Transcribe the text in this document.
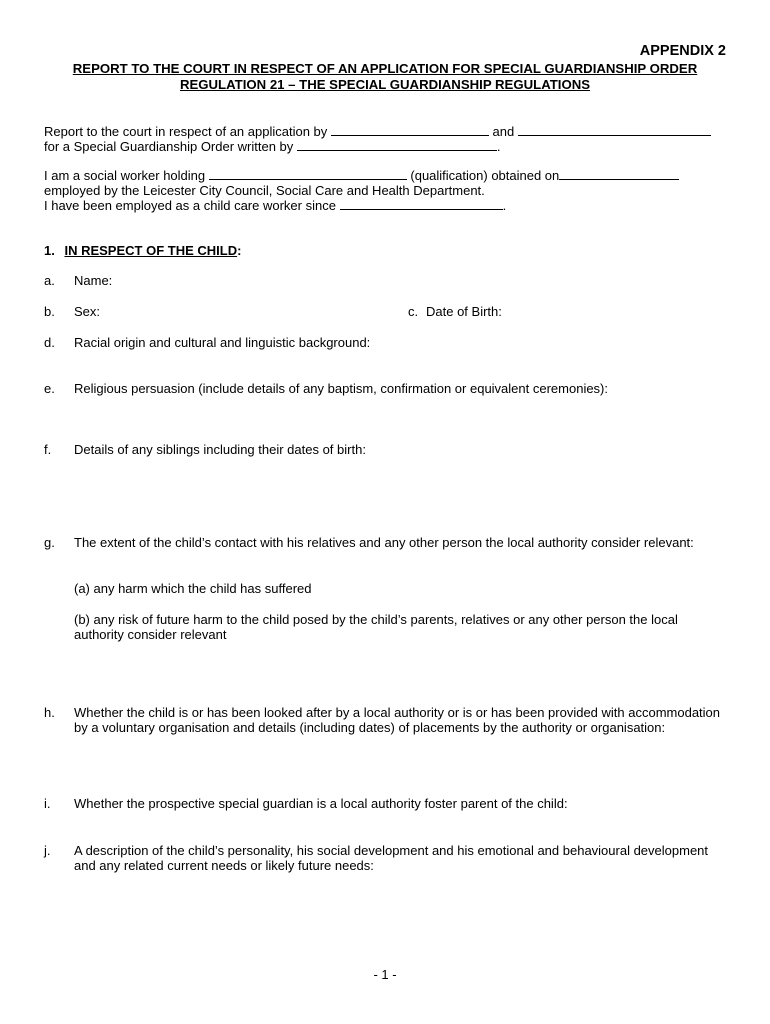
APPENDIX 2
REPORT TO THE COURT IN RESPECT OF AN APPLICATION FOR SPECIAL GUARDIANSHIP ORDER
REGULATION 21 – THE SPECIAL GUARDIANSHIP REGULATIONS
Report to the court in respect of an application by	and
for a Special Guardianship Order written by	.
I am a social worker holding	(qualification) obtained on
employed by the Leicester City Council, Social Care and Health Department.
I have been employed as a child care worker since	.
1. IN RESPECT OF THE CHILD:
a. Name:
b. Sex:	c. Date of Birth:
d. Racial origin and cultural and linguistic background:
e. Religious persuasion (include details of any baptism, confirmation or equivalent ceremonies):
f. Details of any siblings including their dates of birth:
g. The extent of the child’s contact with his relatives and any other person the local authority consider relevant:
(a) any harm which the child has suffered
(b) any risk of future harm to the child posed by the child’s parents, relatives or any other person the local authority consider relevant
h. Whether the child is or has been looked after by a local authority or is or has been provided with accommodation by a voluntary organisation and details (including dates) of placements by the authority or organisation:
i. Whether the prospective special guardian is a local authority foster parent of the child:
j. A description of the child’s personality, his social development and his emotional and behavioural development and any related current needs or likely future needs:
- 1 -
